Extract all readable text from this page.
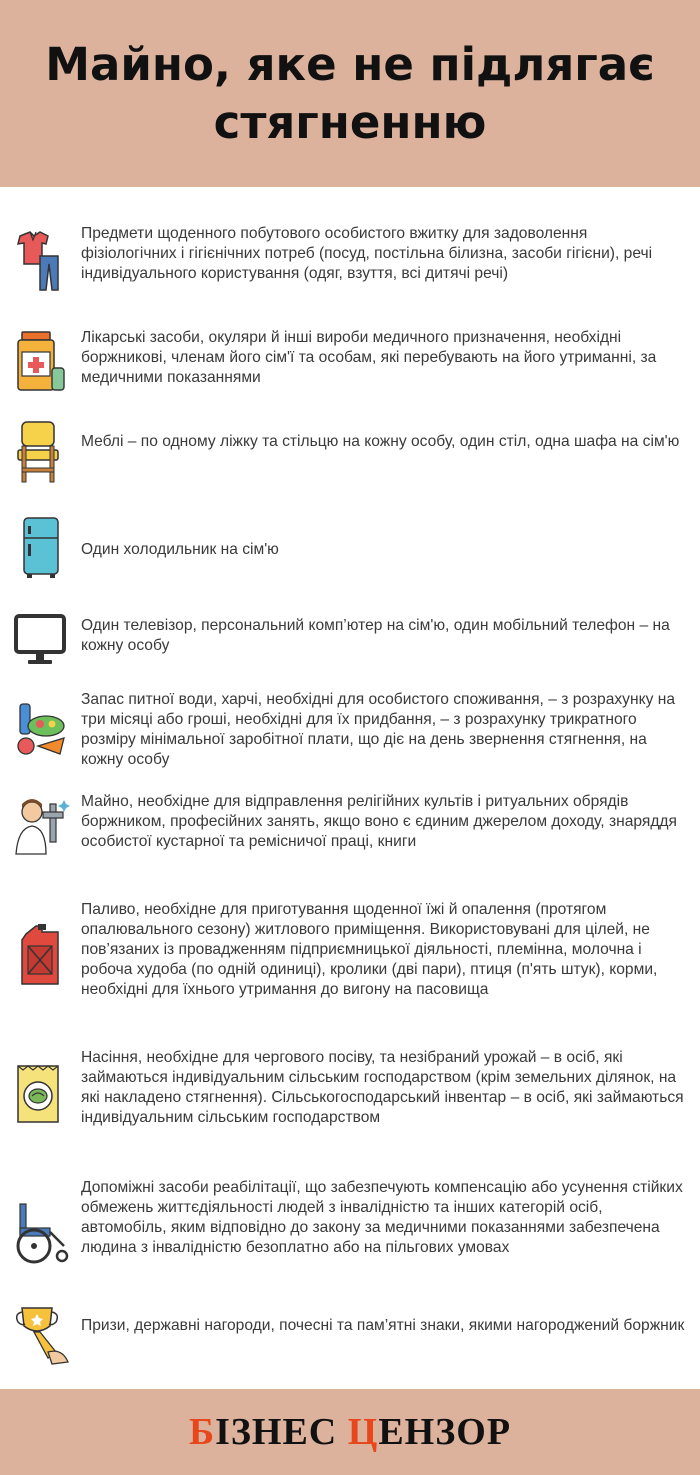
Майно, яке не підлягає стягненню

Предмети щоденного побутового особистого вжитку для задоволення фізіологічних і гігієнічних потреб (посуд, постільна білизна, засоби гігієни), речі індивідуального користування (одяг, взуття, всі дитячі речі)

Лікарські засоби, окуляри й інші вироби медичного призначення, необхідні боржникові, членам його сім'ї та особам, які перебувають на його утриманні, за медичними показаннями

Меблі – по одному ліжку та стільцю на кожну особу, один стіл, одна шафа на сім'ю

Один холодильник на сім'ю

Один телевізор, персональний комп’ютер на сім'ю, один мобільний телефон – на кожну особу

Запас питної води, харчі, необхідні для особистого споживання, – з розрахунку на три місяці або гроші, необхідні для їх придбання, – з розрахунку трикратного розміру мінімальної заробітної плати, що діє на день звернення стягнення, на кожну особу

Майно, необхідне для відправлення релігійних культів і ритуальних обрядів боржником, професійних занять, якщо воно є єдиним джерелом доходу, знаряддя особистої кустарної та ремісничої праці, книги

Паливо, необхідне для приготування щоденної їжі й опалення (протягом опалювального сезону) житлового приміщення. Використовувані для цілей, не пов’язаних із провадженням підприємницької діяльності, племінна, молочна і робоча худоба (по одній одиниці), кролики (дві пари), птиця (п'ять штук), корми, необхідні для їхнього утримання до вигону на пасовища

Насіння, необхідне для чергового посіву, та незібраний урожай – в осіб, які займаються індивідуальним сільським господарством (крім земельних ділянок, на які накладено стягнення). Сільськогосподарський інвентар – в осіб, які займаються індивідуальним сільським господарством

Допоміжні засоби реабілітації, що забезпечують компенсацію або усунення стійких обмежень життєдіяльності людей з інвалідністю та інших категорій осіб, автомобіль, яким відповідно до закону за медичними показаннями забезпечена людина з інвалідністю безоплатно або на пільгових умовах

Призи, державні нагороди, почесні та пам’ятні знаки, якими нагороджений боржник

БІЗНЕС ЦЕНЗОР
